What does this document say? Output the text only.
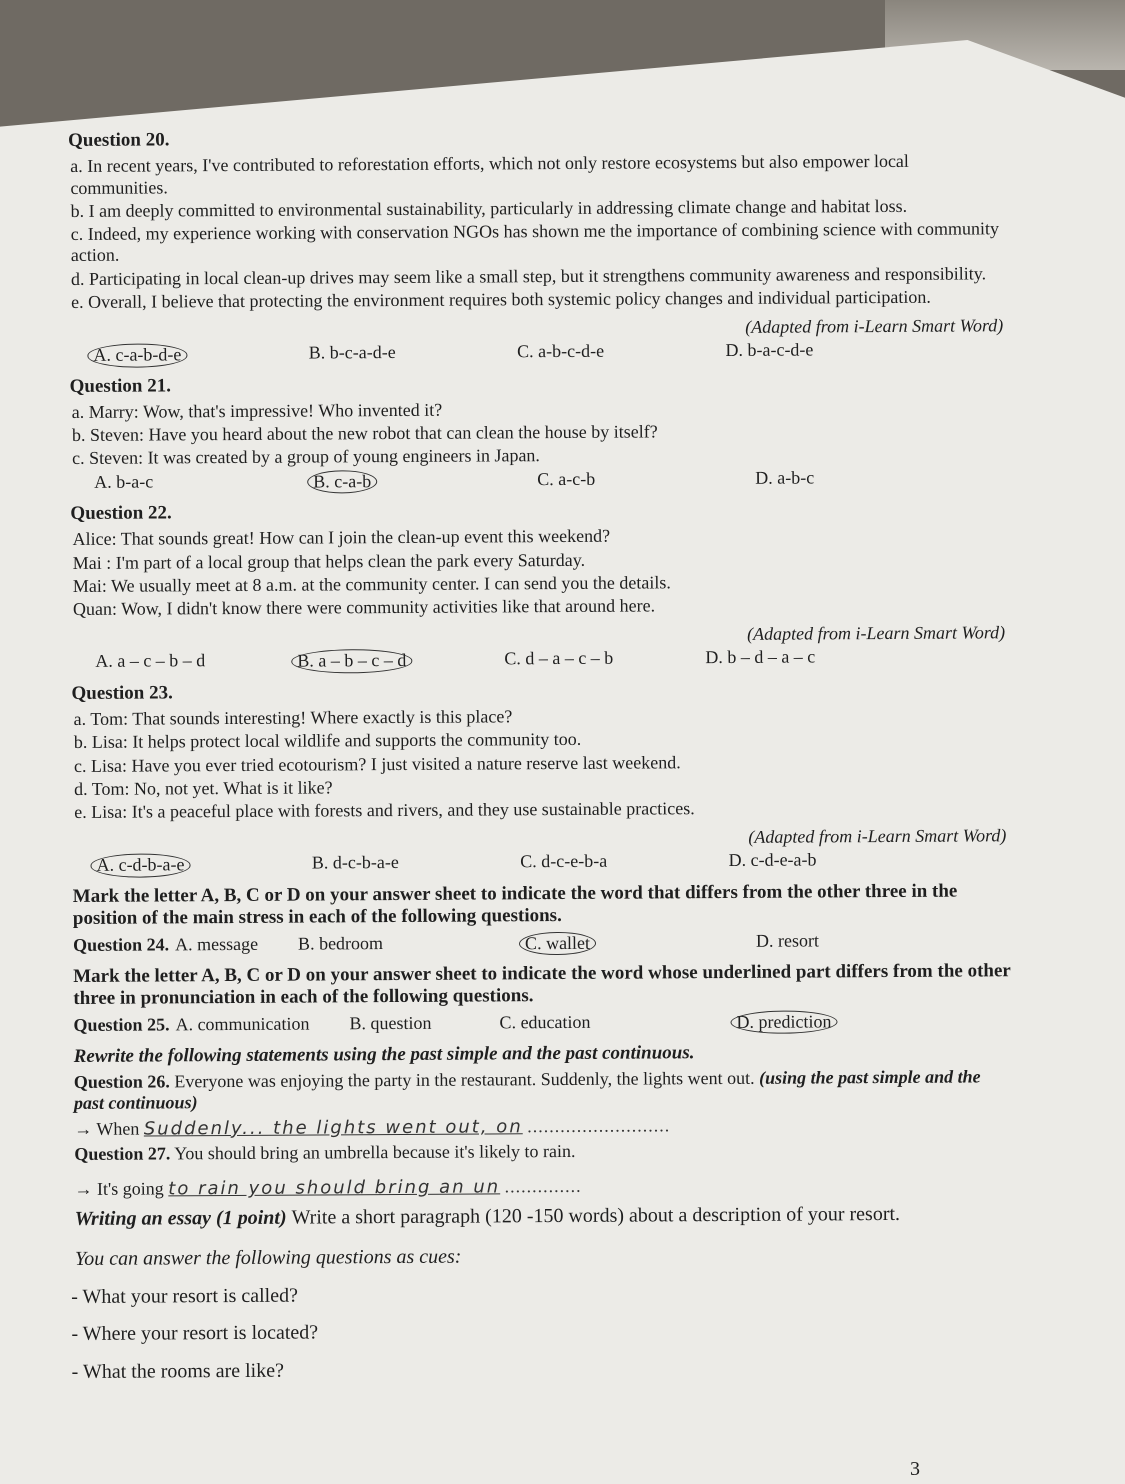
Question 20.
a. In recent years, I've contributed to reforestation efforts, which not only restore ecosystems but also empower local communities.
b. I am deeply committed to environmental sustainability, particularly in addressing climate change and habitat loss.
c. Indeed, my experience working with conservation NGOs has shown me the importance of combining science with community action.
d. Participating in local clean-up drives may seem like a small step, but it strengthens community awareness and responsibility.
e. Overall, I believe that protecting the environment requires both systemic policy changes and individual participation.
(Adapted from i-Learn Smart Word)
A. c-a-b-d-e	B. b-c-a-d-e	C. a-b-c-d-e	D. b-a-c-d-e
Question 21.
a. Marry: Wow, that's impressive! Who invented it?
b. Steven: Have you heard about the new robot that can clean the house by itself?
c. Steven: It was created by a group of young engineers in Japan.
A. b-a-c	B. c-a-b	C. a-c-b	D. a-b-c
Question 22.
Alice: That sounds great! How can I join the clean-up event this weekend?
Mai : I'm part of a local group that helps clean the park every Saturday.
Mai: We usually meet at 8 a.m. at the community center. I can send you the details.
Quan: Wow, I didn't know there were community activities like that around here.
(Adapted from i-Learn Smart Word)
A. a – c – b – d	B. a – b – c – d	C. d – a – c – b	D. b – d – a – c
Question 23.
a. Tom: That sounds interesting! Where exactly is this place?
b. Lisa: It helps protect local wildlife and supports the community too.
c. Lisa: Have you ever tried ecotourism? I just visited a nature reserve last weekend.
d. Tom: No, not yet. What is it like?
e. Lisa: It's a peaceful place with forests and rivers, and they use sustainable practices.
(Adapted from i-Learn Smart Word)
A. c-d-b-a-e	B. d-c-b-a-e	C. d-c-e-b-a	D. c-d-e-a-b
Mark the letter A, B, C or D on your answer sheet to indicate the word that differs from the other three in the position of the main stress in each of the following questions.
Question 24. A. message B. bedroom	C. wallet	D. resort
Mark the letter A, B, C or D on your answer sheet to indicate the word whose underlined part differs from the other three in pronunciation in each of the following questions.
Question 25. A. communication B. question	C. education	D. prediction
Rewrite the following statements using the past simple and the past continuous.
Question 26. Everyone was enjoying the party in the restaurant. Suddenly, the lights went out. (using the past simple and the past continuous)
→ When Suddenly... the lights went out, on ..........................
Question 27. You should bring an umbrella because it's likely to rain.
→ It's going to rain you should bring an un ..............
Writing an essay (1 point) Write a short paragraph (120 -150 words) about a description of your resort.
You can answer the following questions as cues:
- What your resort is called?
- Where your resort is located?
- What the rooms are like?
3
